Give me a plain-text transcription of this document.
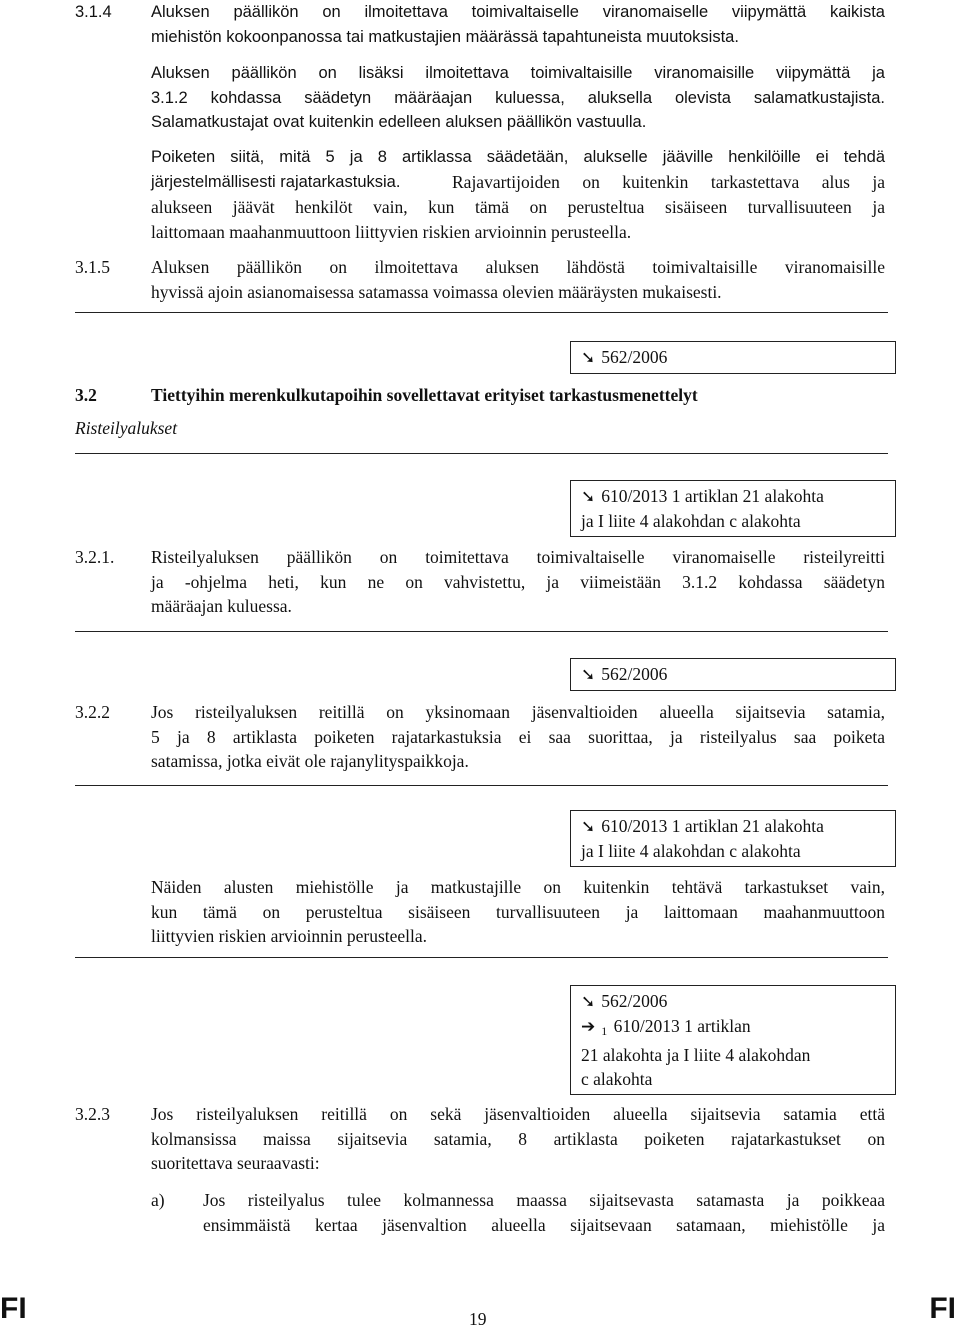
3.1.4 Aluksen päällikön on ilmoitettava toimivaltaiselle viranomaiselle viipymättä kaikista
miehistön kokoonpanossa tai matkustajien määrässä tapahtuneista muutoksista.
Aluksen päällikön on lisäksi ilmoitettava toimivaltaisille viranomaisille viipymättä ja
3.1.2 kohdassa säädetyn määräajan kuluessa, aluksella olevista salamatkustajista.
Salamatkustajat ovat kuitenkin edelleen aluksen päällikön vastuulla.
Poiketen siitä, mitä 5 ja 8 artiklassa säädetään, alukselle jääville henkilöille ei tehdä
järjestelmällisesti rajatarkastuksia.	Rajavartijoiden on kuitenkin tarkastettava alus ja
alukseen jäävät henkilöt vain, kun tämä on perusteltua sisäiseen turvallisuuteen ja
laittomaan maahanmuuttoon liittyvien riskien arvioinnin perusteella.
3.1.5 Aluksen päällikön on ilmoitettava aluksen lähdöstä toimivaltaisille viranomaisille
hyvissä ajoin asianomaisessa satamassa voimassa olevien määräysten mukaisesti.
➘ 562/2006
3.2	Tiettyihin merenkulkutapoihin sovellettavat erityiset tarkastusmenettelyt
Risteilyalukset
➘ 610/2013 1 artiklan 21 alakohta
ja I liite 4 alakohdan c alakohta
3.2.1. Risteilyaluksen päällikön on toimitettava toimivaltaiselle viranomaiselle risteilyreitti
ja -ohjelma heti, kun ne on vahvistettu, ja viimeistään 3.1.2 kohdassa säädetyn
määräajan kuluessa.
➘ 562/2006
3.2.2 Jos risteilyaluksen reitillä on yksinomaan jäsenvaltioiden alueella sijaitsevia satamia,
5 ja 8 artiklasta poiketen rajatarkastuksia ei saa suorittaa, ja risteilyalus saa poiketa
satamissa, jotka eivät ole rajanylityspaikkoja.
➘ 610/2013 1 artiklan 21 alakohta
ja I liite 4 alakohdan c alakohta
Näiden alusten miehistölle ja matkustajille on kuitenkin tehtävä tarkastukset vain,
kun tämä on perusteltua sisäiseen turvallisuuteen ja laittomaan maahanmuuttoon
liittyvien riskien arvioinnin perusteella.
➘ 562/2006
➔ $_1$ 610/2013 1 artiklan
21 alakohta ja I liite 4 alakohdan
c alakohta
3.2.3 Jos risteilyaluksen reitillä on sekä jäsenvaltioiden alueella sijaitsevia satamia että
kolmansissa maissa sijaitsevia satamia, 8 artiklasta poiketen rajatarkastukset on
suoritettava seuraavasti:
a) Jos risteilyalus tulee kolmannessa maassa sijaitsevasta satamasta ja poikkeaa
ensimmäistä kertaa jäsenvaltion alueella sijaitsevaan satamaan, miehistölle ja
FI	19	FI
